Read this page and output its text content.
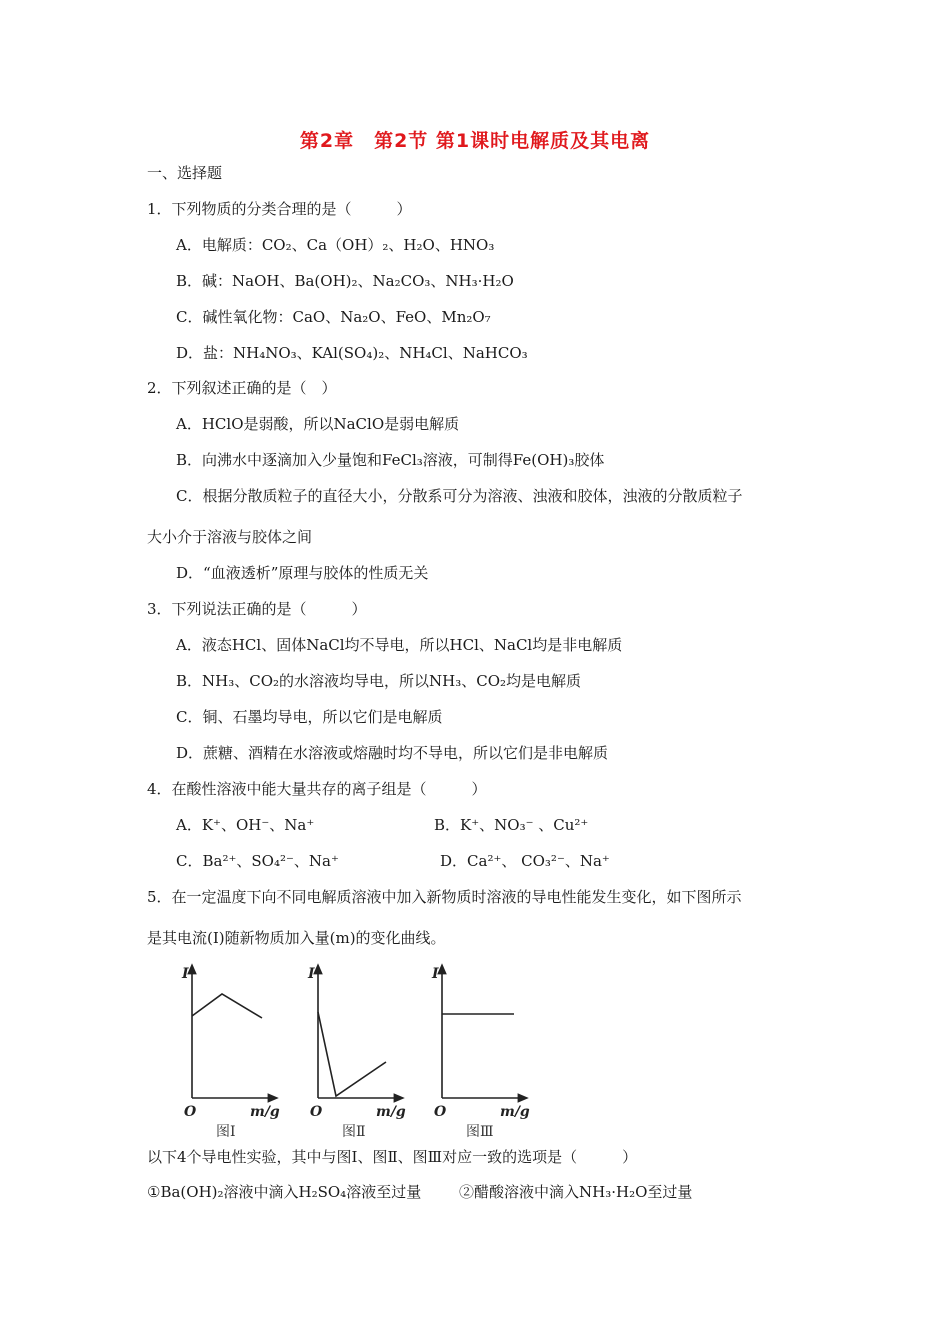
第2章　第2节 第1课时电解质及其电离
一、选择题
1．下列物质的分类合理的是（　　　）
A．电解质：CO₂、Ca（OH）₂、H₂O、HNO₃
B．碱：NaOH、Ba(OH)₂、Na₂CO₃、NH₃·H₂O
C．碱性氧化物：CaO、Na₂O、FeO、Mn₂O₇
D．盐：NH₄NO₃、KAl(SO₄)₂、NH₄Cl、NaHCO₃
2．下列叙述正确的是（　）
A．HClO是弱酸，所以NaClO是弱电解质
B．向沸水中逐滴加入少量饱和FeCl₃溶液，可制得Fe(OH)₃胶体
C．根据分散质粒子的直径大小，分散系可分为溶液、浊液和胶体，浊液的分散质粒子
大小介于溶液与胶体之间
D．“血液透析”原理与胶体的性质无关
3．下列说法正确的是（　　　）
A．液态HCl、固体NaCl均不导电，所以HCl、NaCl均是非电解质
B．NH₃、CO₂的水溶液均导电，所以NH₃、CO₂均是电解质
C．铜、石墨均导电，所以它们是电解质
D．蔗糖、酒精在水溶液或熔融时均不导电，所以它们是非电解质
4．在酸性溶液中能大量共存的离子组是（　　　）
A．K⁺、OH⁻、Na⁺	B．K⁺、NO₃⁻ 、Cu²⁺
C．Ba²⁺、SO₄²⁻、Na⁺	D．Ca²⁺、 CO₃²⁻、Na⁺
5．在一定温度下向不同电解质溶液中加入新物质时溶液的导电性能发生变化，如下图所示
是其电流(I)随新物质加入量(m)的变化曲线。
I
O	m/g
图Ⅰ
I
O	m/g
图Ⅱ
I
O	m/g
图Ⅲ
以下4个导电性实验，其中与图Ⅰ、图Ⅱ、图Ⅲ对应一致的选项是（　　　）
①Ba(OH)₂溶液中滴入H₂SO₄溶液至过量	②醋酸溶液中滴入NH₃·H₂O至过量
